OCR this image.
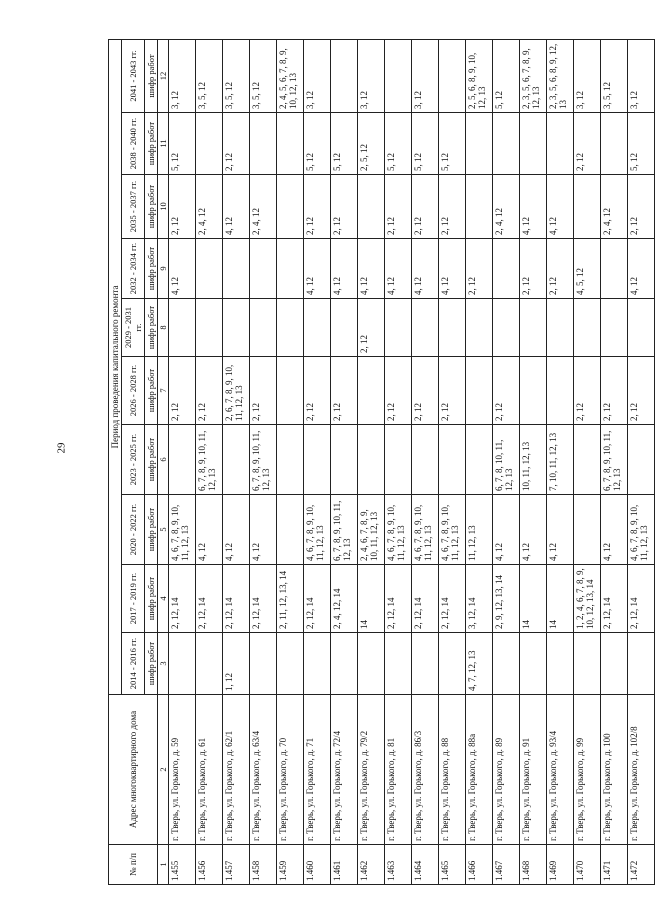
29
№ п/п	Адрес многоквартирного дома	Период проведения капитального ремонта									
		2014 - 2016 гг.	2017 - 2019 гг.	2020 - 2022 гг.	2023 - 2025 гг.	2026 - 2028 гг.	2029 - 2031 гг.	2032 - 2034 гг.	2035 - 2037 гг.	2038 - 2040 гг.	2041 - 2043 гг.
		шифр работ	шифр работ	шифр работ	шифр работ	шифр работ	шифр работ	шифр работ	шифр работ	шифр работ	шифр работ
1	2	3	4	5	6	7	8	9	10	11	12
1.455	г. Тверь, ул. Горького, д. 59		2, 12, 14	4, 6, 7, 8, 9, 10, 11, 12, 13		2, 12		4, 12	2, 12	5, 12	3, 12
1.456	г. Тверь, ул. Горького, д. 61		2, 12, 14	4, 12	6, 7, 8, 9, 10, 11, 12, 13	2, 12			2, 4, 12		3, 5, 12
1.457	г. Тверь, ул. Горького, д. 62/1	1, 12	2, 12, 14	4, 12		2, 6, 7, 8, 9, 10, 11, 12, 13			4, 12	2, 12	3, 5, 12
1.458	г. Тверь, ул. Горького, д. 63/4		2, 12, 14	4, 12	6, 7, 8, 9, 10, 11, 12, 13	2, 12			2, 4, 12		3, 5, 12
1.459	г. Тверь, ул. Горького, д. 70		2, 11, 12, 13, 14								2, 4, 5, 6, 7, 8, 9, 10, 12, 13
1.460	г. Тверь, ул. Горького, д. 71		2, 12, 14	4, 6, 7, 8, 9, 10, 11, 12, 13		2, 12		4, 12	2, 12	5, 12	3, 12
1.461	г. Тверь, ул. Горького, д. 72/4		2, 4, 12, 14	6, 7, 8, 9, 10, 11, 12, 13		2, 12		4, 12	2, 12	5, 12	
1.462	г. Тверь, ул. Горького, д. 79/2		14	2, 4, 6, 7, 8, 9, 10, 11, 12, 13			2, 12	4, 12		2, 5, 12	3, 12
1.463	г. Тверь, ул. Горького, д. 81		2, 12, 14	4, 6, 7, 8, 9, 10, 11, 12, 13		2, 12		4, 12	2, 12	5, 12	
1.464	г. Тверь, ул. Горького, д. 86/3		2, 12, 14	4, 6, 7, 8, 9, 10, 11, 12, 13		2, 12		4, 12	2, 12	5, 12	3, 12
1.465	г. Тверь, ул. Горького, д. 88		2, 12, 14	4, 6, 7, 8, 9, 10, 11, 12, 13		2, 12		4, 12	2, 12	5, 12	
1.466	г. Тверь, ул. Горького, д. 88а	4, 7, 12, 13	3, 12, 14	11, 12, 13				2, 12			2, 5, 6, 8, 9, 10, 12, 13
1.467	г. Тверь, ул. Горького, д. 89		2, 9, 12, 13, 14	4, 12	6, 7, 8, 10, 11, 12, 13	2, 12			2, 4, 12		5, 12
1.468	г. Тверь, ул. Горького, д. 91		14	4, 12	10, 11, 12, 13			2, 12	4, 12		2, 3, 5, 6, 7, 8, 9, 12, 13
1.469	г. Тверь, ул. Горького, д. 93/4		14	4, 12	7, 10, 11, 12, 13			2, 12	4, 12		2, 3, 5, 6, 8, 9, 12, 13
1.470	г. Тверь, ул. Горького, д. 99		1, 2, 4, 6, 7, 8, 9, 10, 12, 13, 14			2, 12		4, 5, 12		2, 12	3, 12
1.471	г. Тверь, ул. Горького, д. 100		2, 12, 14	4, 12	6, 7, 8, 9, 10, 11, 12, 13	2, 12			2, 4, 12		3, 5, 12
1.472	г. Тверь, ул. Горького, д. 102/8		2, 12, 14	4, 6, 7, 8, 9, 10, 11, 12, 13		2, 12		4, 12	2, 12	5, 12	3, 12
